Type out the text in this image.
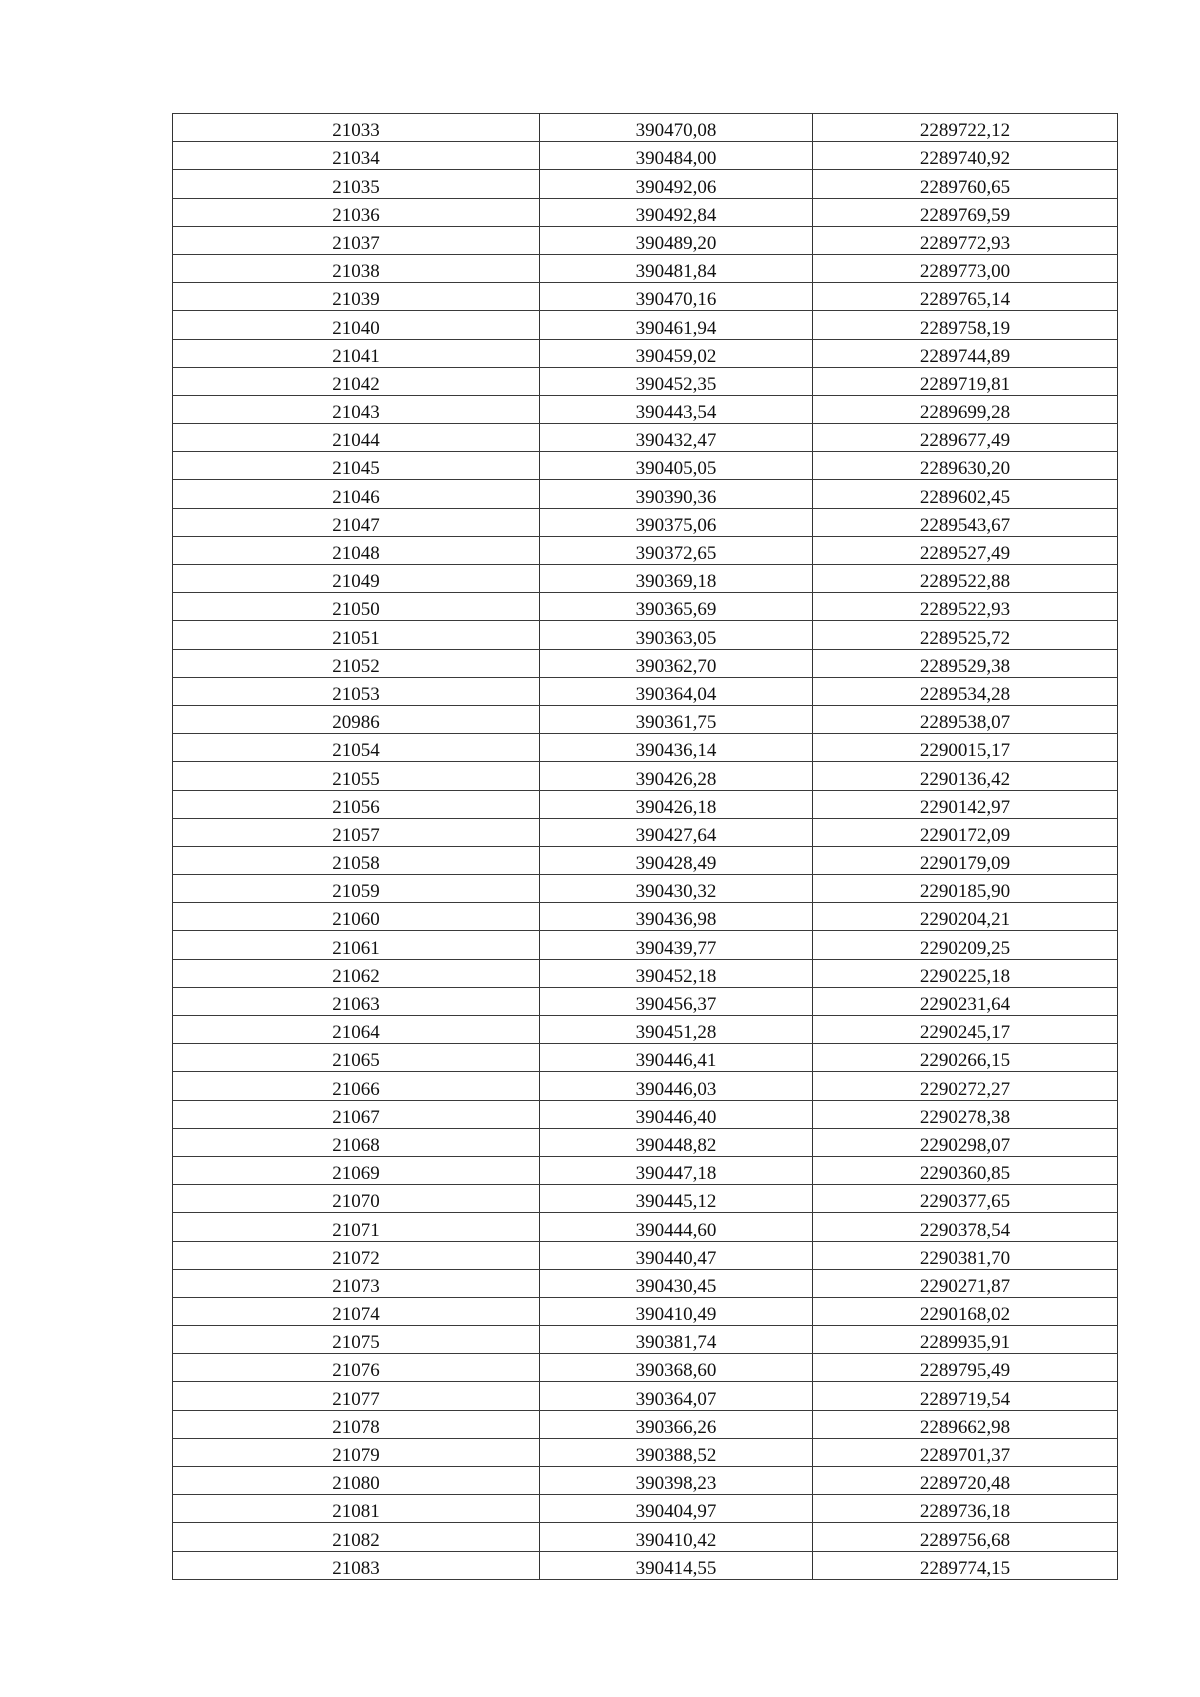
21033	390470,08	2289722,12
21034	390484,00	2289740,92
21035	390492,06	2289760,65
21036	390492,84	2289769,59
21037	390489,20	2289772,93
21038	390481,84	2289773,00
21039	390470,16	2289765,14
21040	390461,94	2289758,19
21041	390459,02	2289744,89
21042	390452,35	2289719,81
21043	390443,54	2289699,28
21044	390432,47	2289677,49
21045	390405,05	2289630,20
21046	390390,36	2289602,45
21047	390375,06	2289543,67
21048	390372,65	2289527,49
21049	390369,18	2289522,88
21050	390365,69	2289522,93
21051	390363,05	2289525,72
21052	390362,70	2289529,38
21053	390364,04	2289534,28
20986	390361,75	2289538,07
21054	390436,14	2290015,17
21055	390426,28	2290136,42
21056	390426,18	2290142,97
21057	390427,64	2290172,09
21058	390428,49	2290179,09
21059	390430,32	2290185,90
21060	390436,98	2290204,21
21061	390439,77	2290209,25
21062	390452,18	2290225,18
21063	390456,37	2290231,64
21064	390451,28	2290245,17
21065	390446,41	2290266,15
21066	390446,03	2290272,27
21067	390446,40	2290278,38
21068	390448,82	2290298,07
21069	390447,18	2290360,85
21070	390445,12	2290377,65
21071	390444,60	2290378,54
21072	390440,47	2290381,70
21073	390430,45	2290271,87
21074	390410,49	2290168,02
21075	390381,74	2289935,91
21076	390368,60	2289795,49
21077	390364,07	2289719,54
21078	390366,26	2289662,98
21079	390388,52	2289701,37
21080	390398,23	2289720,48
21081	390404,97	2289736,18
21082	390410,42	2289756,68
21083	390414,55	2289774,15
